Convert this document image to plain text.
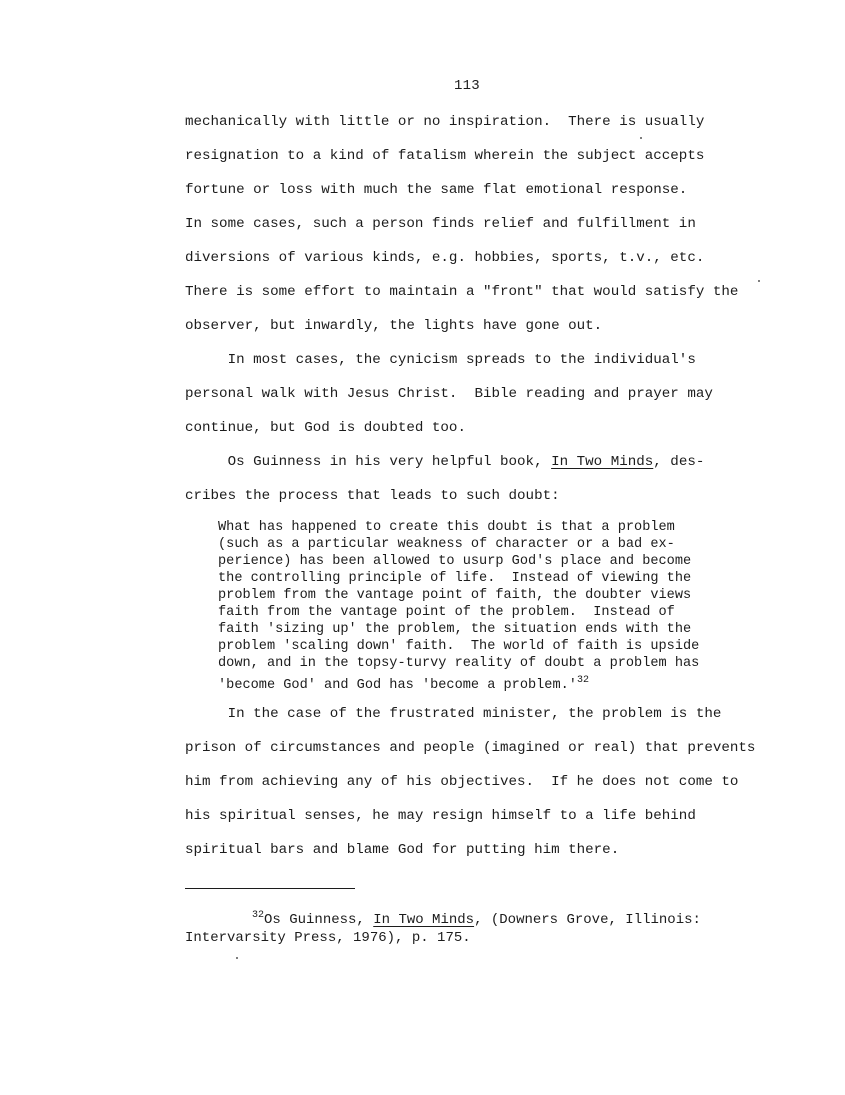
113
mechanically with little or no inspiration.  There is usually
resignation to a kind of fatalism wherein the subject accepts
fortune or loss with much the same flat emotional response.
In some cases, such a person finds relief and fulfillment in
diversions of various kinds, e.g. hobbies, sports, t.v., etc.
There is some effort to maintain a "front" that would satisfy the
observer, but inwardly, the lights have gone out.
In most cases, the cynicism spreads to the individual's
personal walk with Jesus Christ.  Bible reading and prayer may
continue, but God is doubted too.
Os Guinness in his very helpful book, In Two Minds, des-
cribes the process that leads to such doubt:
What has happened to create this doubt is that a problem
(such as a particular weakness of character or a bad ex-
perience) has been allowed to usurp God's place and become
the controlling principle of life.  Instead of viewing the
problem from the vantage point of faith, the doubter views
faith from the vantage point of the problem.  Instead of
faith 'sizing up' the problem, the situation ends with the
problem 'scaling down' faith.  The world of faith is upside
down, and in the topsy-turvy reality of doubt a problem has
'become God' and God has 'become a problem.'$^{32}$
In the case of the frustrated minister, the problem is the
prison of circumstances and people (imagined or real) that prevents
him from achieving any of his objectives.  If he does not come to
his spiritual senses, he may resign himself to a life behind
spiritual bars and blame God for putting him there.
$^{32}$Os Guinness, In Two Minds, (Downers Grove, Illinois:
Intervarsity Press, 1976), p. 175.
